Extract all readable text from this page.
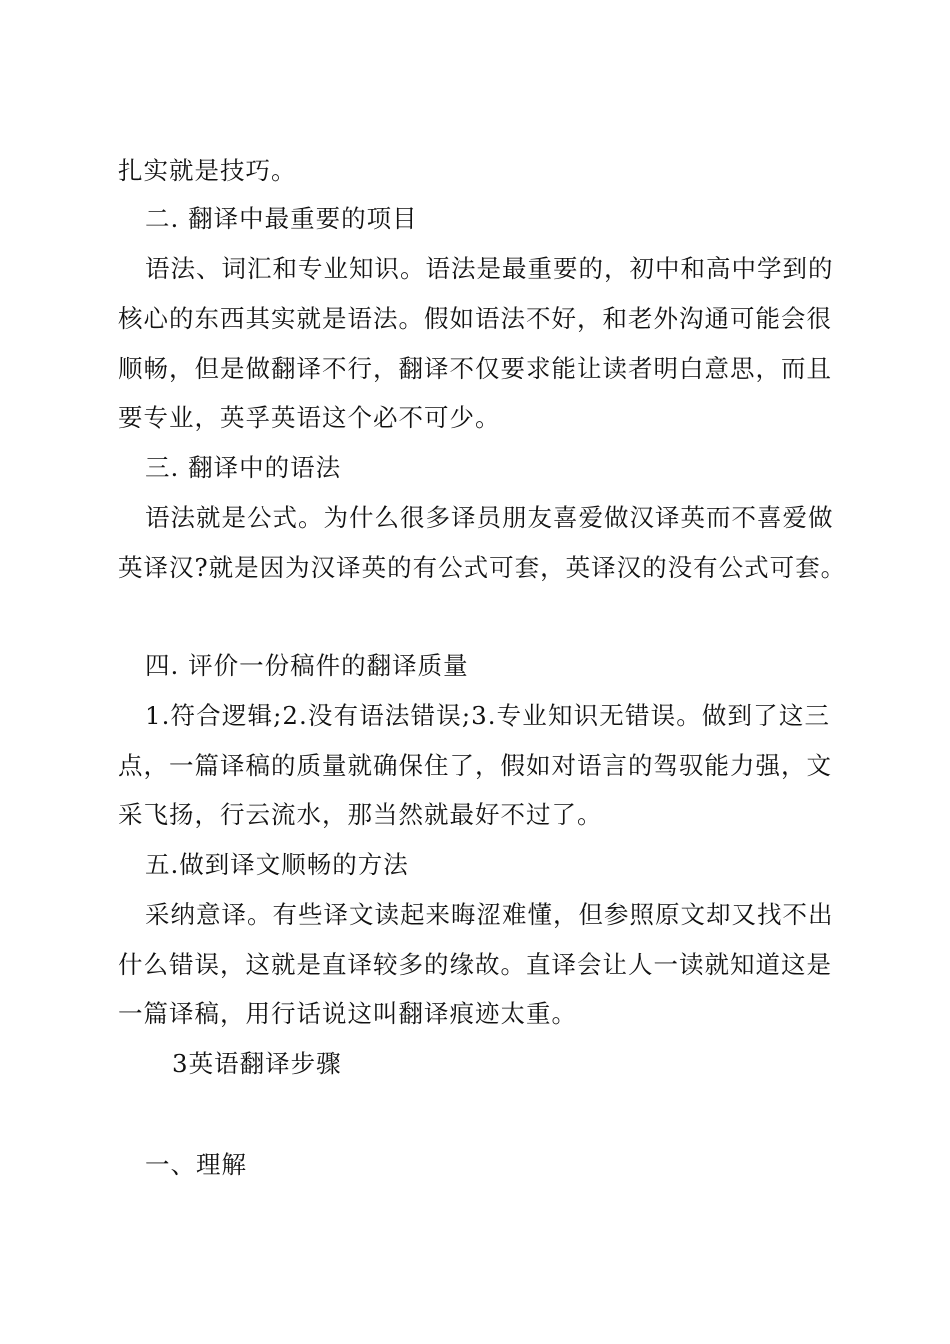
扎实就是技巧。
二. 翻译中最重要的项目
语法、词汇和专业知识。语法是最重要的，初中和高中学到的
核心的东西其实就是语法。假如语法不好，和老外沟通可能会很
顺畅，但是做翻译不行，翻译不仅要求能让读者明白意思，而且
要专业，英孚英语这个必不可少。
三. 翻译中的语法
语法就是公式。为什么很多译员朋友喜爱做汉译英而不喜爱做
英译汉?就是因为汉译英的有公式可套，英译汉的没有公式可套。
四. 评价一份稿件的翻译质量
1.符合逻辑;2.没有语法错误;3.专业知识无错误。做到了这三
点，一篇译稿的质量就确保住了，假如对语言的驾驭能力强，文
采飞扬，行云流水，那当然就最好不过了。
五.做到译文顺畅的方法
采纳意译。有些译文读起来晦涩难懂，但参照原文却又找不出
什么错误，这就是直译较多的缘故。直译会让人一读就知道这是
一篇译稿，用行话说这叫翻译痕迹太重。
3英语翻译步骤
一、理解
